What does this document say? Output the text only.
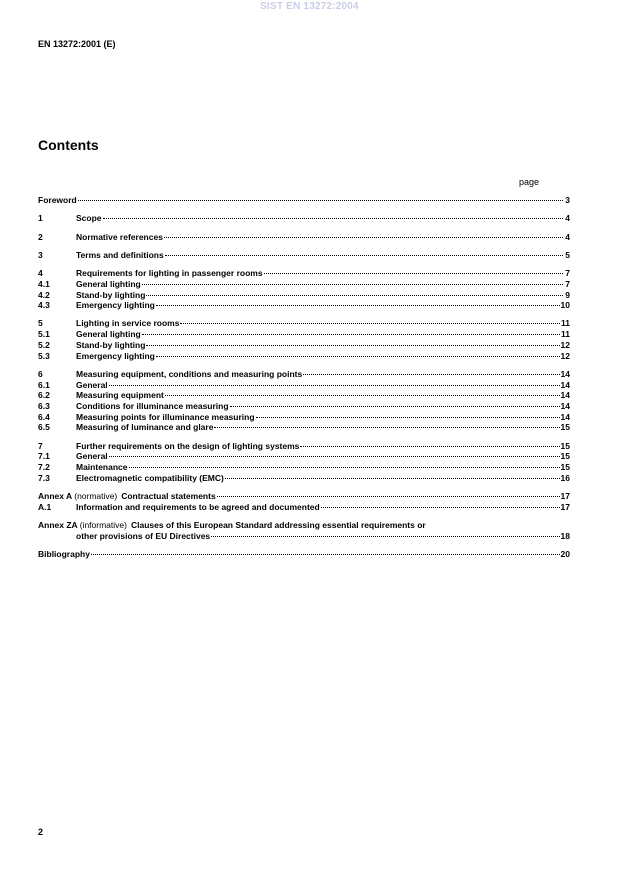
SIST EN 13272:2004
EN 13272:2001 (E)
Contents
page
Foreword	3
1	Scope	4
2	Normative references	4
3	Terms and definitions	5
4	Requirements for lighting in passenger rooms	7
4.1	General lighting	7
4.2	Stand-by lighting	9
4.3	Emergency lighting	10
5	Lighting in service rooms	11
5.1	General lighting	11
5.2	Stand-by lighting	12
5.3	Emergency lighting	12
6	Measuring equipment, conditions and measuring points	14
6.1	General	14
6.2	Measuring equipment	14
6.3	Conditions for illuminance measuring	14
6.4	Measuring points for illuminance measuring	14
6.5	Measuring of luminance and glare	15
7	Further requirements on the design of lighting systems	15
7.1	General	15
7.2	Maintenance	15
7.3	Electromagnetic compatibility (EMC)	16
Annex A (normative) Contractual statements	17
A.1	Information and requirements to be agreed and documented	17
Annex ZA (informative) Clauses of this European Standard addressing essential requirements or
other provisions of EU Directives	18
Bibliography	20
2
